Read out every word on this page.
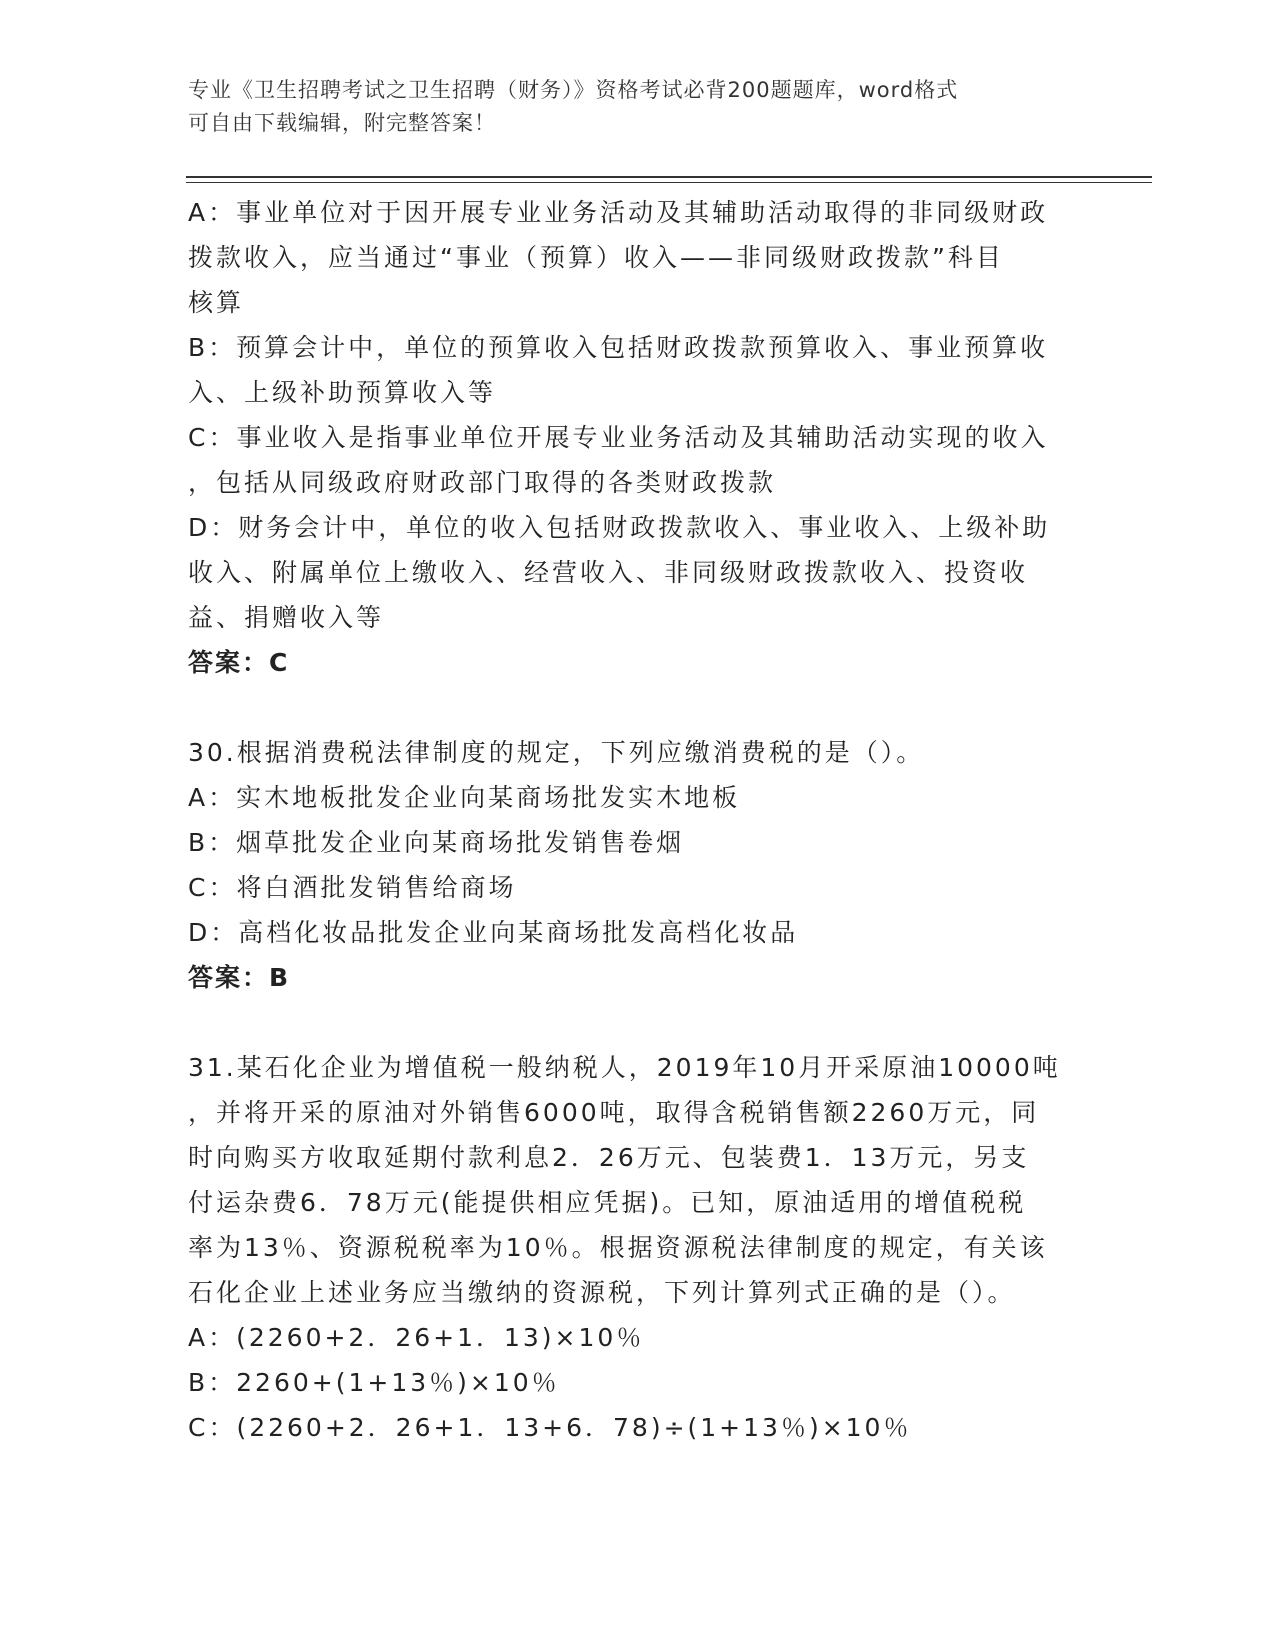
专业《卫生招聘考试之卫生招聘（财务）》资格考试必背200题题库，word格式
可自由下载编辑，附完整答案！

A：事业单位对于因开展专业业务活动及其辅助活动取得的非同级财政

拨款收入，应当通过“事业（预算）收入——非同级财政拨款”科目

核算

B：预算会计中，单位的预算收入包括财政拨款预算收入、事业预算收

入、上级补助预算收入等

C：事业收入是指事业单位开展专业业务活动及其辅助活动实现的收入

，包括从同级政府财政部门取得的各类财政拨款

D：财务会计中，单位的收入包括财政拨款收入、事业收入、上级补助

收入、附属单位上缴收入、经营收入、非同级财政拨款收入、投资收

益、捐赠收入等

答案：C

30.根据消费税法律制度的规定，下列应缴消费税的是（）。

A：实木地板批发企业向某商场批发实木地板

B：烟草批发企业向某商场批发销售卷烟

C：将白酒批发销售给商场

D：高档化妆品批发企业向某商场批发高档化妆品

答案：B

31.某石化企业为增值税一般纳税人，2019年10月开采原油10000吨

，并将开采的原油对外销售6000吨，取得含税销售额2260万元，同

时向购买方收取延期付款利息2．26万元、包装费1．13万元，另支

付运杂费6．78万元(能提供相应凭据)。已知，原油适用的增值税税

率为13％、资源税税率为10％。根据资源税法律制度的规定，有关该

石化企业上述业务应当缴纳的资源税，下列计算列式正确的是（）。

A：(2260+2．26+1．13)×10％

B：2260+(1+13％)×10％

C：(2260+2．26+1．13+6．78)÷(1+13％)×10％
